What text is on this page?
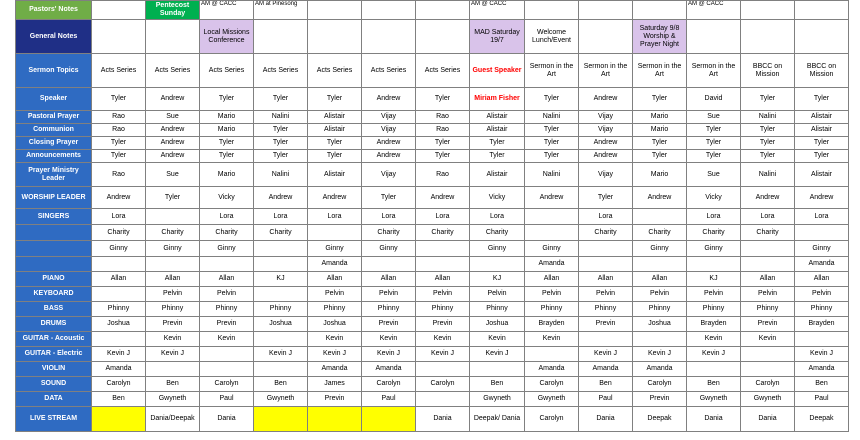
Pastors' Notes		Pentecost Sunday	AM @ CACC	AM at Pinesong				AM @ CACC				AM @ CACC		
General Notes			Local Missions Conference					MAD Saturday 19/7	Welcome Lunch/Event		Saturday 9/8 Worship & Prayer Night			
Sermon Topics	Acts Series	Acts Series	Acts Series	Acts Series	Acts Series	Acts Series	Acts Series	Guest Speaker	Sermon in the Art	Sermon in the Art	Sermon in the Art	Sermon in the Art	BBCC on Mission	BBCC on Mission
Speaker	Tyler	Andrew	Tyler	Tyler	Tyler	Andrew	Tyler	Miriam Fisher	Tyler	Andrew	Tyler	David	Tyler	Tyler
Pastoral Prayer	Rao	Sue	Mario	Nalini	Alistair	Vijay	Rao	Alistair	Nalini	Vijay	Mario	Sue	Nalini	Alistair
Communion	Rao	Andrew	Mario	Tyler	Alistair	Vijay	Rao	Alistair	Tyler	Vijay	Mario	Tyler	Tyler	Alistair
Closing Prayer	Tyler	Andrew	Tyler	Tyler	Tyler	Andrew	Tyler	Tyler	Tyler	Andrew	Tyler	Tyler	Tyler	Tyler
Announcements	Tyler	Andrew	Tyler	Tyler	Tyler	Andrew	Tyler	Tyler	Tyler	Andrew	Tyler	Tyler	Tyler	Tyler
Prayer Ministry Leader	Rao	Sue	Mario	Nalini	Alistair	Vijay	Rao	Alistair	Nalini	Vijay	Mario	Sue	Nalini	Alistair
WORSHIP LEADER	Andrew	Tyler	Vicky	Andrew	Andrew	Tyler	Andrew	Vicky	Andrew	Tyler	Andrew	Vicky	Andrew	Andrew
SINGERS	Lora		Lora	Lora	Lora	Lora	Lora	Lora		Lora		Lora	Lora	Lora
	Charity	Charity	Charity	Charity		Charity	Charity	Charity		Charity	Charity	Charity	Charity	
	Ginny	Ginny	Ginny		Ginny	Ginny		Ginny	Ginny		Ginny	Ginny		Ginny
					Amanda				Amanda					Amanda
PIANO	Allan	Allan	Allan	KJ	Allan	Allan	Allan	KJ	Allan	Allan	Allan	KJ	Allan	Allan
KEYBOARD		Pelvin	Pelvin		Pelvin	Pelvin	Pelvin	Pelvin	Pelvin	Pelvin	Pelvin	Pelvin	Pelvin	Pelvin
BASS	Phinny	Phinny	Phinny	Phinny	Phinny	Phinny	Phinny	Phinny	Phinny	Phinny	Phinny	Phinny	Phinny	Phinny
DRUMS	Joshua	Previn	Previn	Joshua	Joshua	Previn	Previn	Joshua	Brayden	Previn	Joshua	Brayden	Previn	Brayden
GUITAR - Acoustic		Kevin	Kevin		Kevin	Kevin	Kevin	Kevin	Kevin			Kevin	Kevin	
GUITAR - Electric	Kevin J	Kevin J		Kevin J	Kevin J	Kevin J	Kevin J	Kevin J		Kevin J	Kevin J	Kevin J		Kevin J
VIOLIN	Amanda				Amanda	Amanda			Amanda	Amanda	Amanda			Amanda
SOUND	Carolyn	Ben	Carolyn	Ben	James	Carolyn	Carolyn	Ben	Carolyn	Ben	Carolyn	Ben	Carolyn	Ben
DATA	Ben	Gwyneth	Paul	Gwyneth	Previn	Paul		Gwyneth	Gwyneth	Paul	Previn	Gwyneth	Gwyneth	Paul
LIVE STREAM		Dania/Deepak	Dania				Dania	Deepak/ Dania	Carolyn	Dania	Deepak	Dania	Dania	Deepak
